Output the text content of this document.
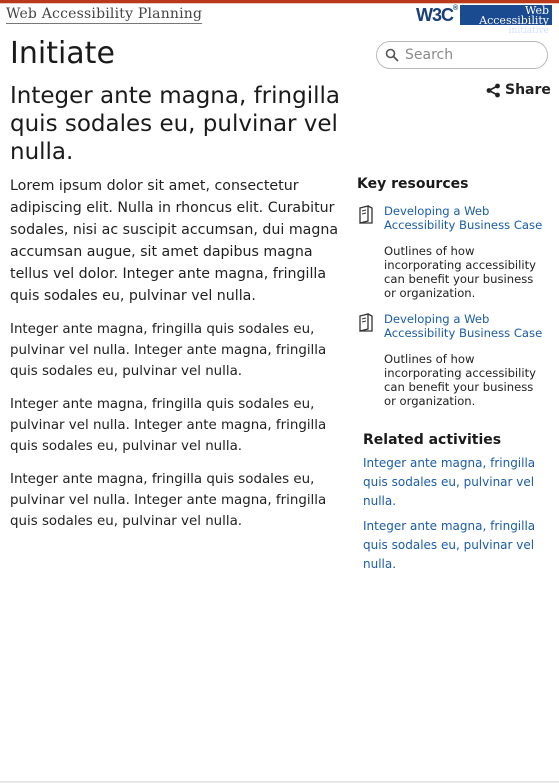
Web Accessibility Planning	W3C®	Web Accessibility
initiative
Initiate
Search
Share
Integer ante magna, fringilla quis sodales eu, pulvinar vel nulla.

Lorem ipsum dolor sit amet, consectetur adipiscing elit. Nulla in rhoncus elit. Curabitur sodales, nisi ac suscipit accumsan, dui magna accumsan augue, sit amet dapibus magna tellus vel dolor. Integer ante magna, fringilla quis sodales eu, pulvinar vel nulla.

Integer ante magna, fringilla quis sodales eu, pulvinar vel nulla. Integer ante magna, fringilla quis sodales eu, pulvinar vel nulla.

Integer ante magna, fringilla quis sodales eu, pulvinar vel nulla. Integer ante magna, fringilla quis sodales eu, pulvinar vel nulla.

Integer ante magna, fringilla quis sodales eu, pulvinar vel nulla. Integer ante magna, fringilla quis sodales eu, pulvinar vel nulla.

Key resources
Developing a Web Accessibility Business Case
Outlines of how incorporating accessibility can benefit your business or organization.
Developing a Web Accessibility Business Case
Outlines of how incorporating accessibility can benefit your business or organization.
Related activities
Integer ante magna, fringilla quis sodales eu, pulvinar vel nulla.
Integer ante magna, fringilla quis sodales eu, pulvinar vel nulla.
